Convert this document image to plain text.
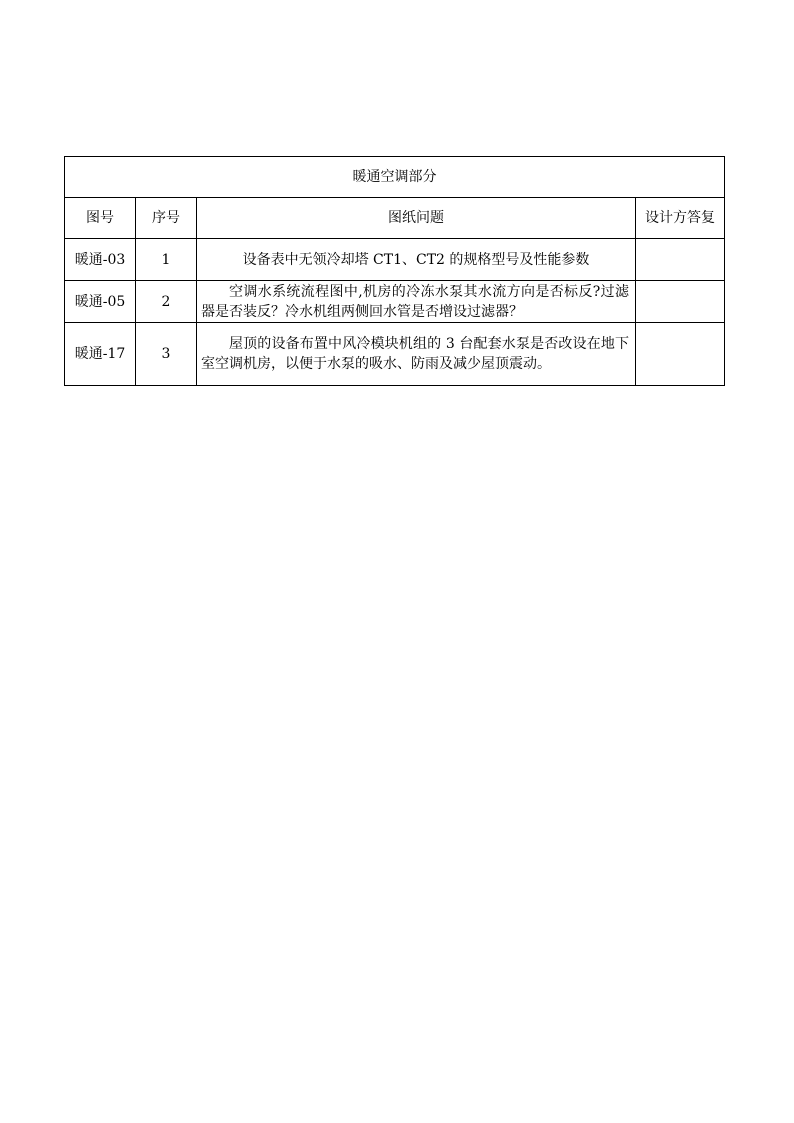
暖通空调部分			
图号	序号	图纸问题	设计方答复
暖通-03	1	设备表中无领冷却塔 CT1、CT2 的规格型号及性能参数	
暖通-05	2	空调水系统流程图中,机房的冷冻水泵其水流方向是否标反?过滤器是否装反？冷水机组两侧回水管是否增设过滤器？	
暖通-17	3	屋顶的设备布置中风冷模块机组的 3 台配套水泵是否改设在地下室空调机房，以便于水泵的吸水、防雨及减少屋顶震动。	
